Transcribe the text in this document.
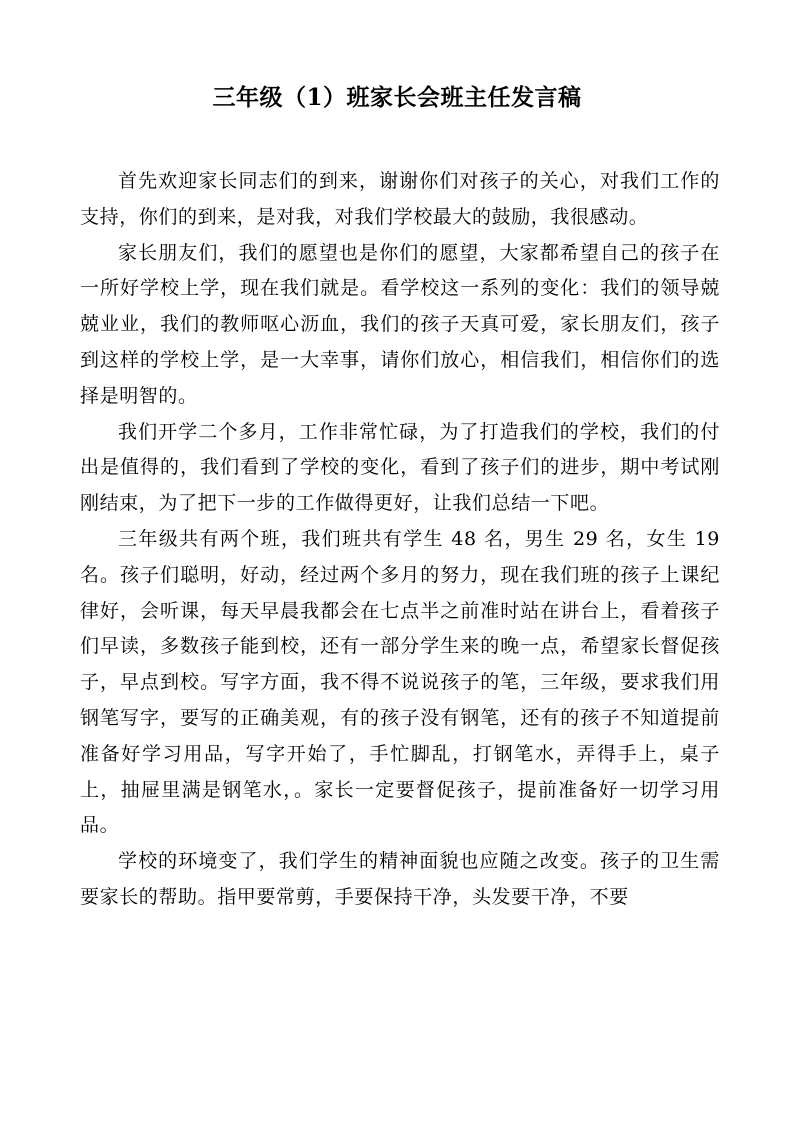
三年级（1）班家长会班主任发言稿

首先欢迎家长同志们的到来，谢谢你们对孩子的关心，对我们工作的支持，你们的到来，是对我，对我们学校最大的鼓励，我很感动。

家长朋友们，我们的愿望也是你们的愿望，大家都希望自己的孩子在一所好学校上学，现在我们就是。看学校这一系列的变化：我们的领导兢兢业业，我们的教师呕心沥血，我们的孩子天真可爱，家长朋友们，孩子到这样的学校上学，是一大幸事，请你们放心，相信我们，相信你们的选择是明智的。

我们开学二个多月，工作非常忙碌，为了打造我们的学校，我们的付出是值得的，我们看到了学校的变化，看到了孩子们的进步，期中考试刚刚结束，为了把下一步的工作做得更好，让我们总结一下吧。

三年级共有两个班，我们班共有学生 48 名，男生 29 名，女生 19 名。孩子们聪明，好动，经过两个多月的努力，现在我们班的孩子上课纪律好，会听课，每天早晨我都会在七点半之前准时站在讲台上，看着孩子们早读，多数孩子能到校，还有一部分学生来的晚一点，希望家长督促孩子，早点到校。写字方面，我不得不说说孩子的笔，三年级，要求我们用钢笔写字，要写的正确美观，有的孩子没有钢笔，还有的孩子不知道提前准备好学习用品，写字开始了，手忙脚乱，打钢笔水，弄得手上，桌子上，抽屉里满是钢笔水，。家长一定要督促孩子，提前准备好一切学习用品。

学校的环境变了，我们学生的精神面貌也应随之改变。孩子的卫生需要家长的帮助。指甲要常剪，手要保持干净，头发要干净，不要
